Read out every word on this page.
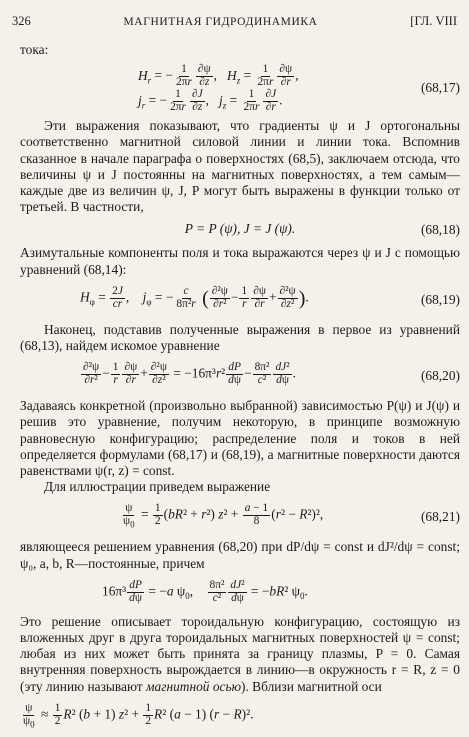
326	МАГНИТНАЯ ГИДРОДИНАМИКА	[ГЛ. VIII

тока:

$H_r$ = − $\frac{1}{2\pi r} \frac{\partial\psi}{\partial z}$ ,   $H_z = \frac{1}{2\pi r} \frac{\partial\psi}{\partial r}$ ,
$j_r$ = − $\frac{1}{2\pi r} \frac{\partial J}{\partial z}$ ,   $j_z = \frac{1}{2\pi r} \frac{\partial J}{\partial r}$ .
(68,17)

Эти выражения показывают, что градиенты ψ и J ортогональны соответственно магнитной силовой линии и линии тока. Вспомнив сказанное в начале параграфа о поверхностях (68,5), заключаем отсюда, что величины ψ и J постоянны на магнитных поверхностях, а тем самым—каждые две из величин ψ, J, P могут быть выражены в функции только от третьей. В частности,

P = P (ψ), J = J (ψ).	(68,18)

Азимутальные компоненты поля и тока выражаются через ψ и J с помощью уравнений (68,14):

$H_\varphi = \frac{2J}{cr}$ ,    $j_\varphi$ = − $\frac{c}{\text{8π²r}}$ ( $\frac{\text{∂²ψ}}{\text{∂r²}} - \frac{1}{r} \frac{\partial\psi}{\partial r} + \frac{\text{∂²ψ}}{\text{∂z²}}$ ).	(68,19)

Наконец, подставив полученные выражения в первое из уравнений (68,13), найдем искомое уравнение

$\frac{\text{∂²ψ}}{\text{∂r²}} - \frac{1}{r} \frac{\partial\psi}{\partial r} + \frac{\text{∂²ψ}}{\text{∂z²}} = -16\pi^3r^2 \frac{dP}{d\psi} - \frac{\text{8π²}}{\text{c²}} \frac{\text{dJ²}}{d\psi}$ .	(68,20)

Задаваясь конкретной (произвольно выбранной) зависимостью P(ψ) и J(ψ) и решив это уравнение, получим некоторую, в принципе возможную равновесную конфигурацию; распределение поля и токов в ней определяется формулами (68,17) и (68,19), а магнитные поверхности даются равенствами ψ(r, z) = const.

Для иллюстрации приведем выражение

$\frac{\psi}{\psi_0} = \frac{1}{2} (bR^2 + r^2) z^2 + \frac{a - 1}{8} (r^2 - R^2)^2$,	(68,21)

являющееся решением уравнения (68,20) при dP/dψ = const и dJ²/dψ = const; ψ₀, a, b, R—постоянные, причем

$16\pi^3 \frac{dP}{d\psi} = -a$ $\psi_0$, $\frac{\text{8π²}}{\text{c²}} \frac{\text{dJ²}}{d\psi} = -bR^2$ $\psi_0$.

Это решение описывает тороидальную конфигурацию, состоящую из вложенных друг в друга тороидальных магнитных поверхностей ψ = const; любая из них может быть принята за границу плазмы, P = 0. Самая внутренняя поверхность вырождается в линию—в окружность r = R, z = 0 (эту линию называют магнитной осью). Вблизи магнитной оси

$\frac{\psi}{\psi_0} \approx \frac{1}{2} R^2$ (b + 1) $z^2 + \frac{1}{2} R^2$ (a − 1) (r − R)².
